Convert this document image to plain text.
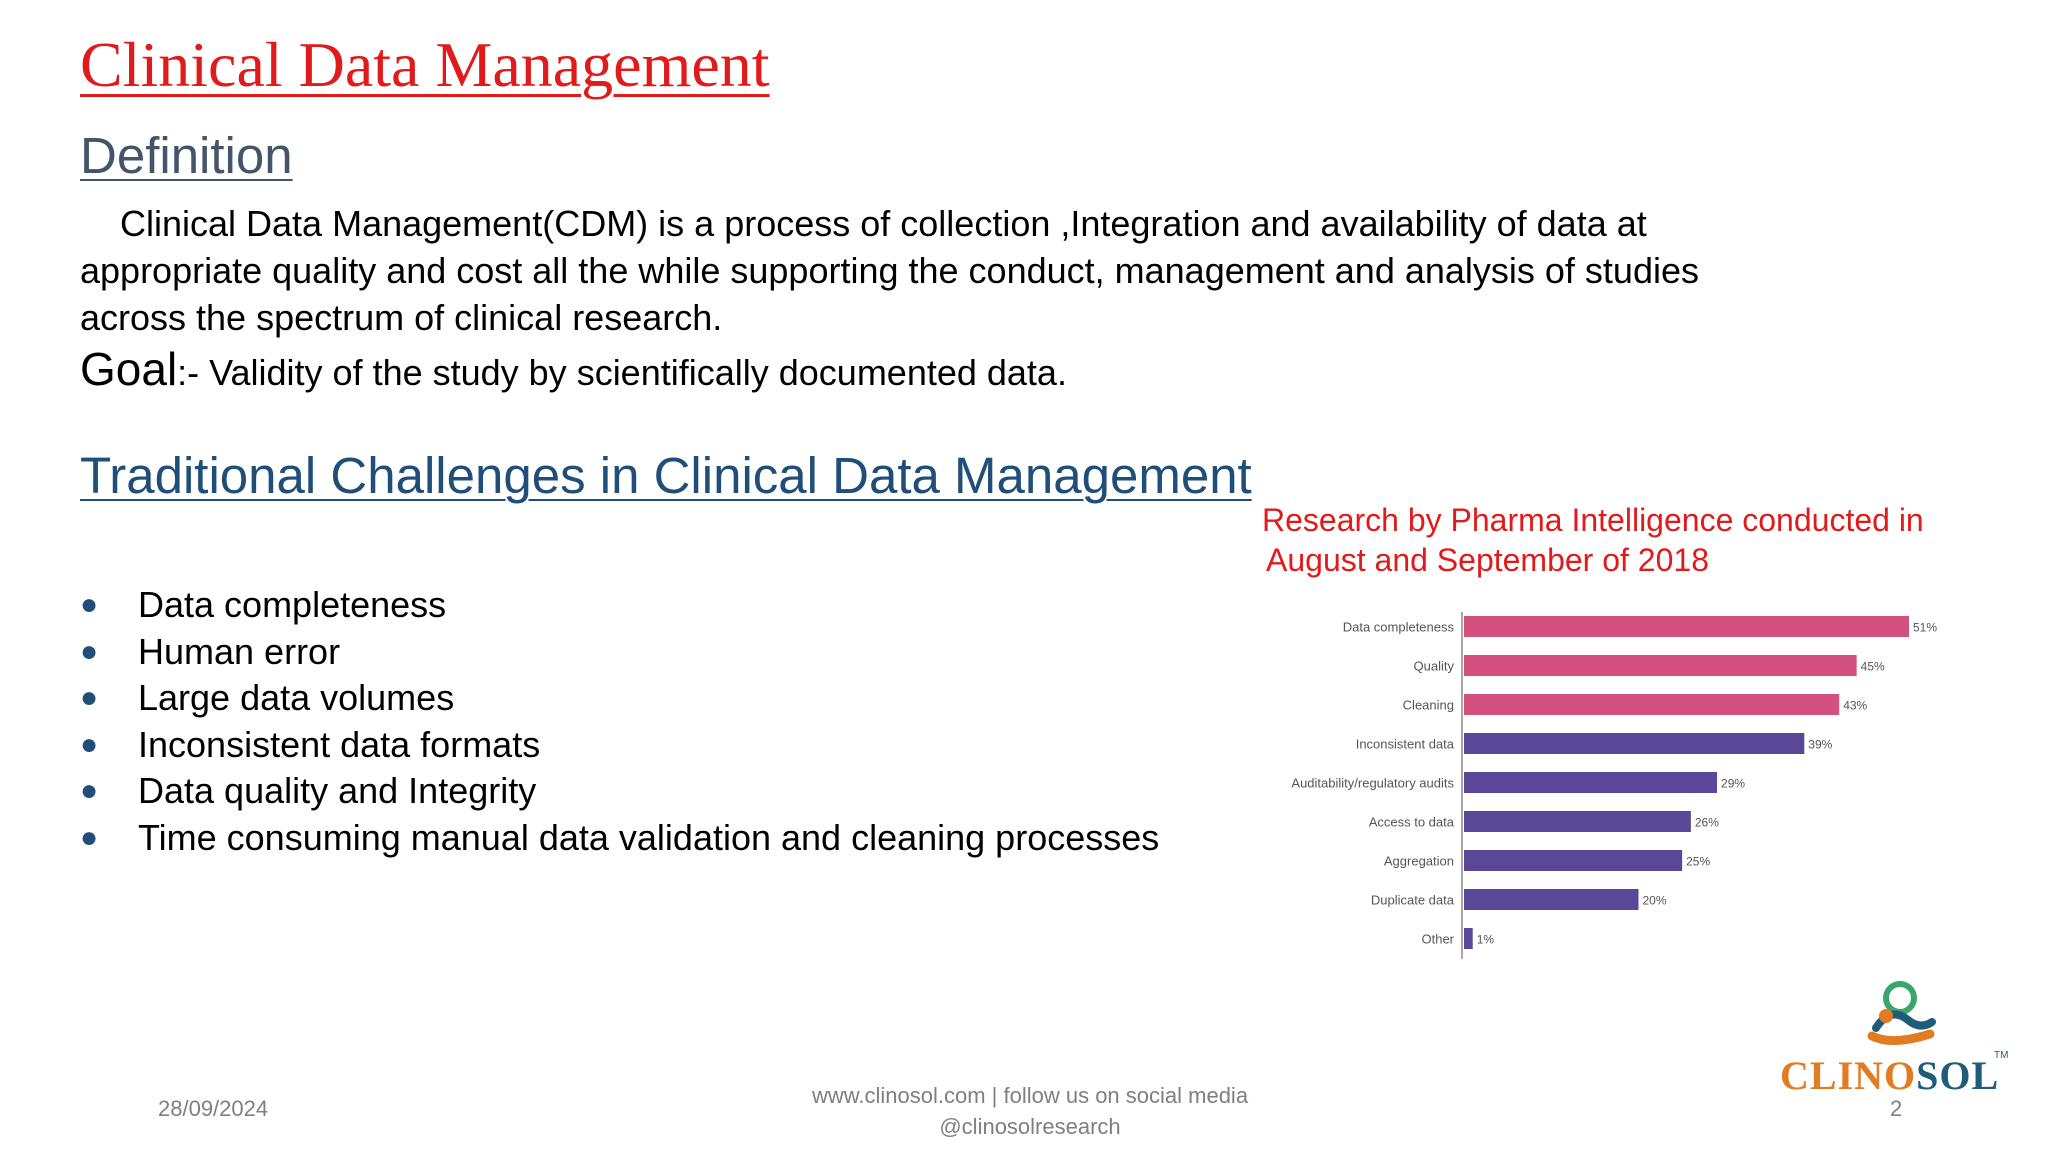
Clinical Data Management
Definition
Clinical Data Management(CDM) is a process of collection ,Integration and availability of data at
appropriate quality and cost all the while supporting the conduct, management and analysis of studies
across the spectrum of clinical research.

Goal:- Validity of the study by scientifically documented data.

Traditional Challenges in Clinical Data Management
● Data completeness
● Human error
● Large data volumes
● Inconsistent data formats
● Data quality and Integrity
● Time consuming manual data validation and cleaning processes

Research by Pharma Intelligence conducted in
August and September of 2018

Data completeness	51%
Quality	45%
Cleaning	43%
Inconsistent data	39%
Auditability/regulatory audits	29%
Access to data	26%
Aggregation	25%
Duplicate data	20%
Other 1%
28/09/2024
www.clinosol.com | follow us on social media
@clinosolresearch
2
CLINOSOL
TM
